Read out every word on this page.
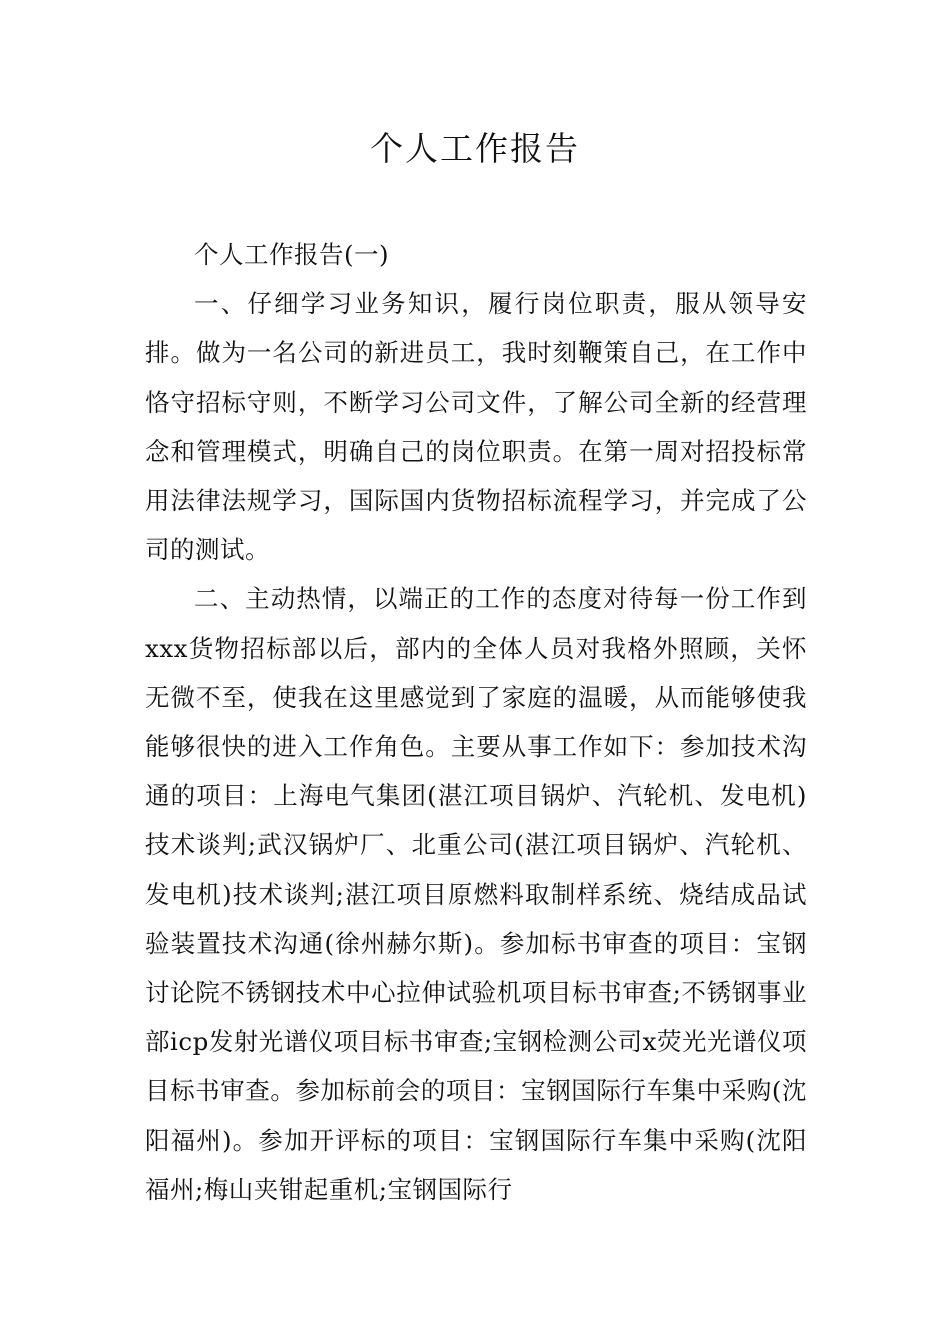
个人工作报告

个人工作报告(一)

一、仔细学习业务知识，履行岗位职责，服从领导安排。做为一名公司的新进员工，我时刻鞭策自己，在工作中恪守招标守则，不断学习公司文件，了解公司全新的经营理念和管理模式，明确自己的岗位职责。在第一周对招投标常用法律法规学习，国际国内货物招标流程学习，并完成了公司的测试。

二、主动热情，以端正的工作的态度对待每一份工作到xxx货物招标部以后，部内的全体人员对我格外照顾，关怀无微不至，使我在这里感觉到了家庭的温暖，从而能够使我能够很快的进入工作角色。主要从事工作如下：参加技术沟通的项目：上海电气集团(湛江项目锅炉、汽轮机、发电机)技术谈判;武汉锅炉厂、北重公司(湛江项目锅炉、汽轮机、发电机)技术谈判;湛江项目原燃料取制样系统、烧结成品试验装置技术沟通(徐州赫尔斯)。参加标书审查的项目：宝钢讨论院不锈钢技术中心拉伸试验机项目标书审查;不锈钢事业部icp发射光谱仪项目标书审查;宝钢检测公司x荧光光谱仪项目标书审查。参加标前会的项目：宝钢国际行车集中采购(沈阳福州)。参加开评标的项目：宝钢国际行车集中采购(沈阳福州;梅山夹钳起重机;宝钢国际行
